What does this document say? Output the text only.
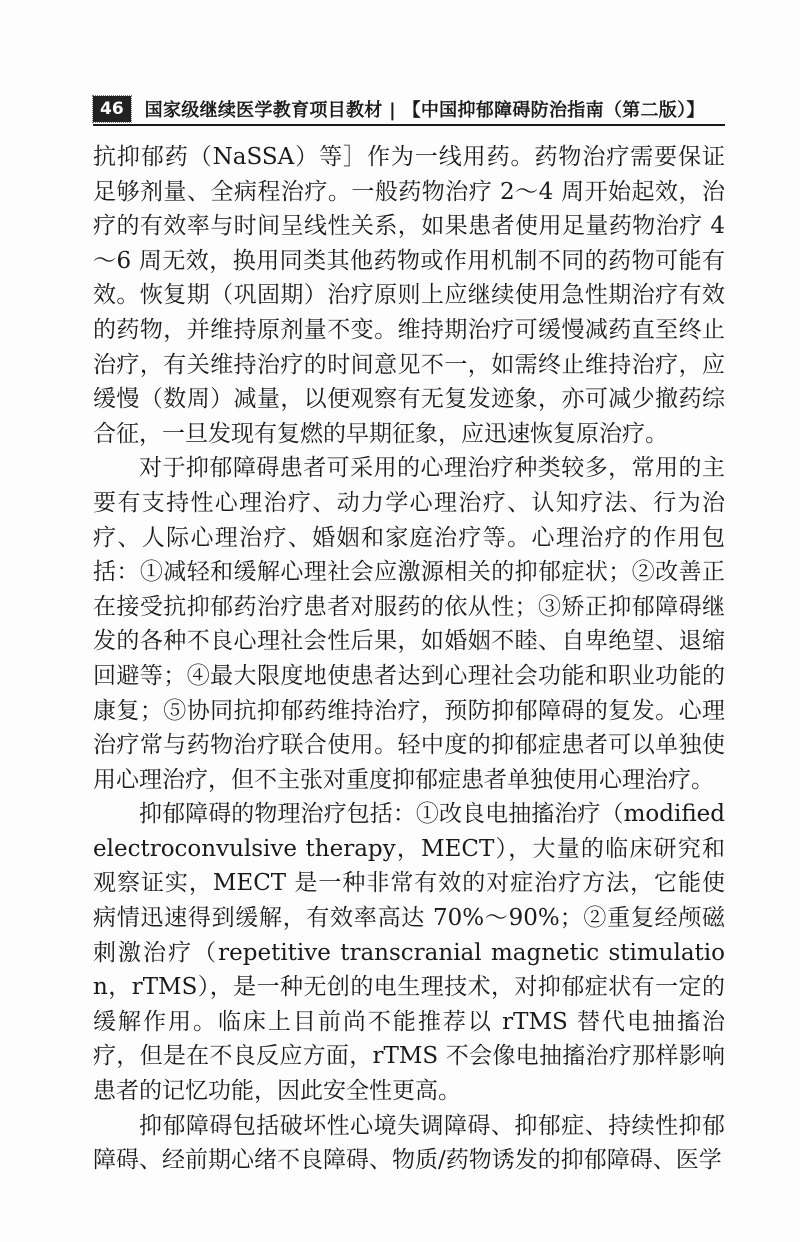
46	国家级继续医学教育项目教材 | 【中国抑郁障碍防治指南（第二版）】

抗抑郁药（NaSSA）等］作为一线用药。药物治疗需要保证足够剂量、全病程治疗。一般药物治疗 2～4 周开始起效，治疗的有效率与时间呈线性关系，如果患者使用足量药物治疗 4～6 周无效，换用同类其他药物或作用机制不同的药物可能有效。恢复期（巩固期）治疗原则上应继续使用急性期治疗有效的药物，并维持原剂量不变。维持期治疗可缓慢减药直至终止治疗，有关维持治疗的时间意见不一，如需终止维持治疗，应缓慢（数周）减量，以便观察有无复发迹象，亦可减少撤药综合征，一旦发现有复燃的早期征象，应迅速恢复原治疗。

对于抑郁障碍患者可采用的心理治疗种类较多，常用的主要有支持性心理治疗、动力学心理治疗、认知疗法、行为治疗、人际心理治疗、婚姻和家庭治疗等。心理治疗的作用包括：①减轻和缓解心理社会应激源相关的抑郁症状；②改善正在接受抗抑郁药治疗患者对服药的依从性；③矫正抑郁障碍继发的各种不良心理社会性后果，如婚姻不睦、自卑绝望、退缩回避等；④最大限度地使患者达到心理社会功能和职业功能的康复；⑤协同抗抑郁药维持治疗，预防抑郁障碍的复发。心理治疗常与药物治疗联合使用。轻中度的抑郁症患者可以单独使用心理治疗，但不主张对重度抑郁症患者单独使用心理治疗。

抑郁障碍的物理治疗包括：①改良电抽搐治疗（modified electroconvulsive therapy，MECT），大量的临床研究和观察证实，MECT 是一种非常有效的对症治疗方法，它能使病情迅速得到缓解，有效率高达 70%～90%；②重复经颅磁刺激治疗（repetitive transcranial magnetic stimulation，rTMS），是一种无创的电生理技术，对抑郁症状有一定的缓解作用。临床上目前尚不能推荐以 rTMS 替代电抽搐治疗，但是在不良反应方面，rTMS 不会像电抽搐治疗那样影响患者的记忆功能，因此安全性更高。

抑郁障碍包括破坏性心境失调障碍、抑郁症、持续性抑郁障碍、经前期心绪不良障碍、物质/药物诱发的抑郁障碍、医学
